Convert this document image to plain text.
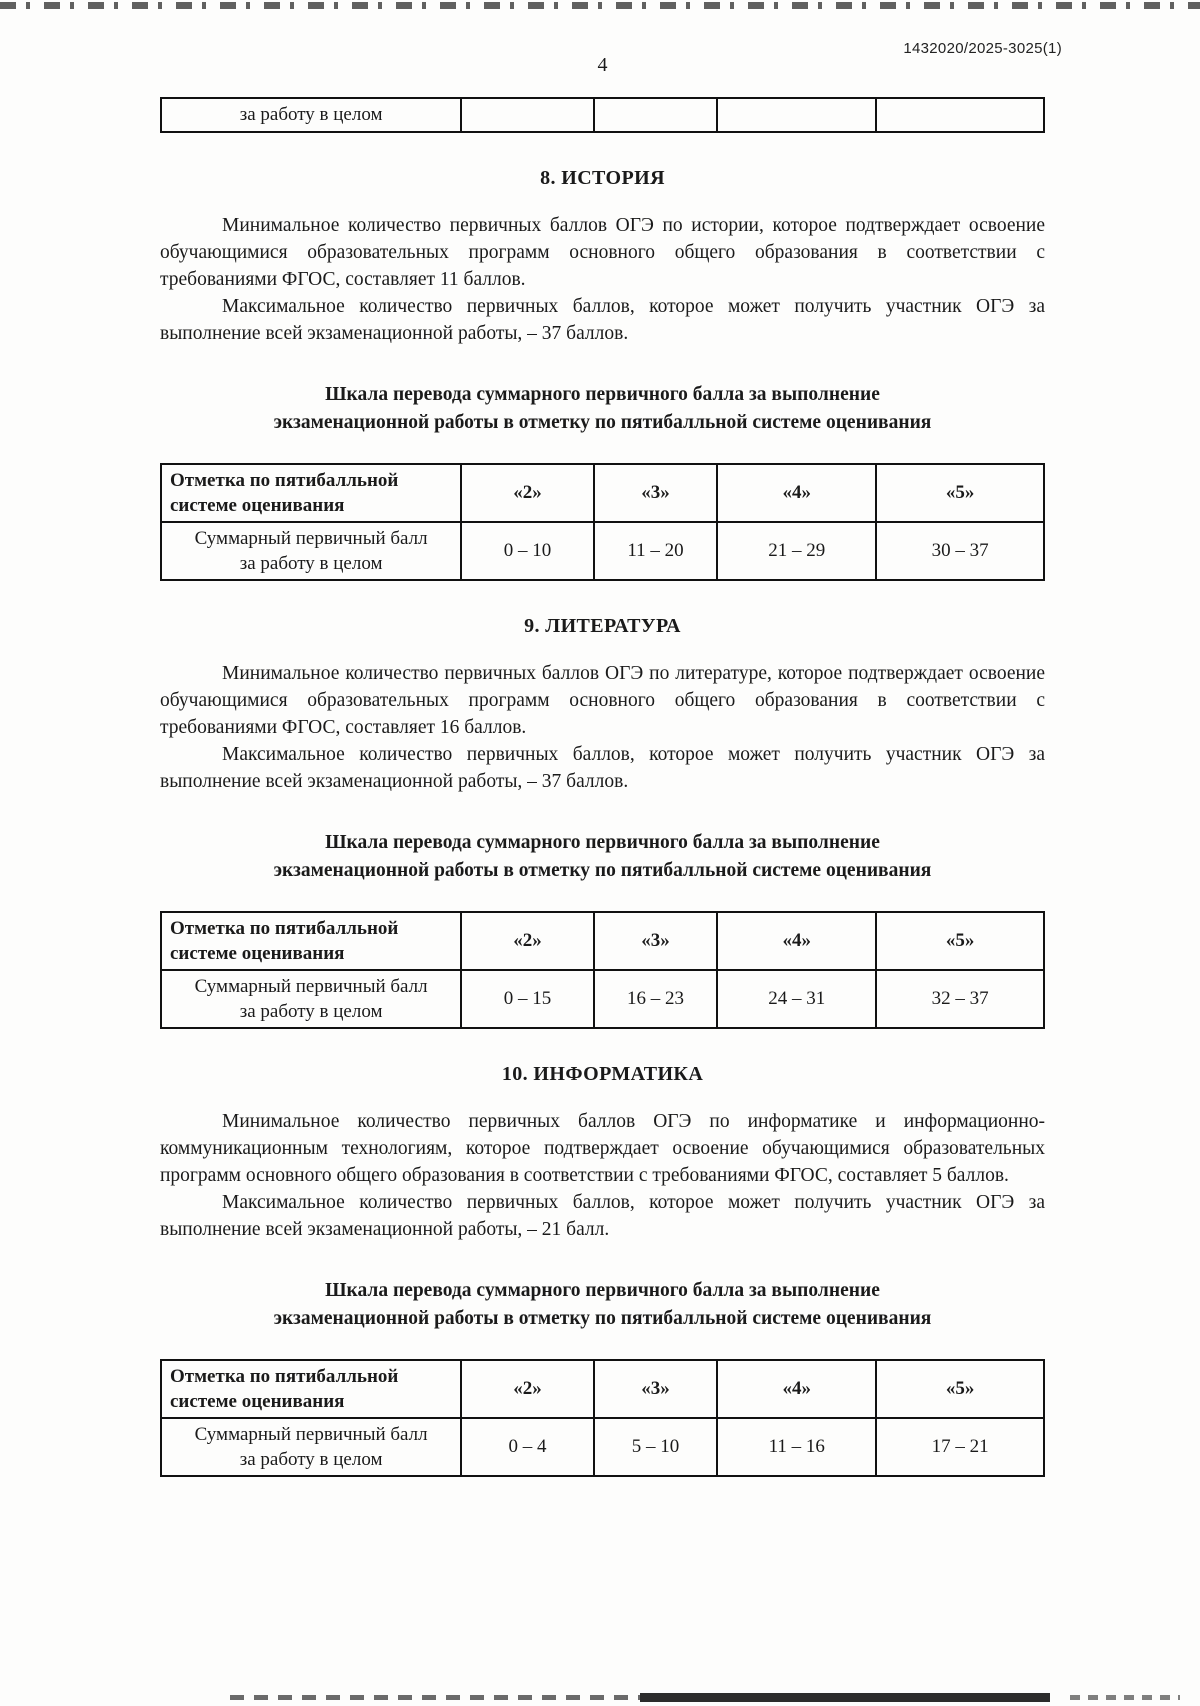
1432020/2025-3025(1)
4
за работу в целом				
8. ИСТОРИЯ

Минимальное количество первичных баллов ОГЭ по истории, которое подтверждает освоение обучающимися образовательных программ основного общего образования в соответствии с требованиями ФГОС, составляет 11 баллов.

Максимальное количество первичных баллов, которое может получить участник ОГЭ за выполнение всей экзаменационной работы, – 37 баллов.

Шкала перевода суммарного первичного балла за выполнение
экзаменационной работы в отметку по пятибалльной системе оценивания
Отметка по пятибалльной
системе оценивания	«2»	«3»	«4»	«5»
Суммарный первичный балл
за работу в целом	0 – 10	11 – 20	21 – 29	30 – 37
9. ЛИТЕРАТУРА

Минимальное количество первичных баллов ОГЭ по литературе, которое подтверждает освоение обучающимися образовательных программ основного общего образования в соответствии с требованиями ФГОС, составляет 16 баллов.

Максимальное количество первичных баллов, которое может получить участник ОГЭ за выполнение всей экзаменационной работы, – 37 баллов.

Шкала перевода суммарного первичного балла за выполнение
экзаменационной работы в отметку по пятибалльной системе оценивания
Отметка по пятибалльной
системе оценивания	«2»	«3»	«4»	«5»
Суммарный первичный балл
за работу в целом	0 – 15	16 – 23	24 – 31	32 – 37
10. ИНФОРМАТИКА

Минимальное количество первичных баллов ОГЭ по информатике и информационно-коммуникационным технологиям, которое подтверждает освоение обучающимися образовательных программ основного общего образования в соответствии с требованиями ФГОС, составляет 5 баллов.

Максимальное количество первичных баллов, которое может получить участник ОГЭ за выполнение всей экзаменационной работы, – 21 балл.

Шкала перевода суммарного первичного балла за выполнение
экзаменационной работы в отметку по пятибалльной системе оценивания
Отметка по пятибалльной
системе оценивания	«2»	«3»	«4»	«5»
Суммарный первичный балл
за работу в целом	0 – 4	5 – 10	11 – 16	17 – 21
